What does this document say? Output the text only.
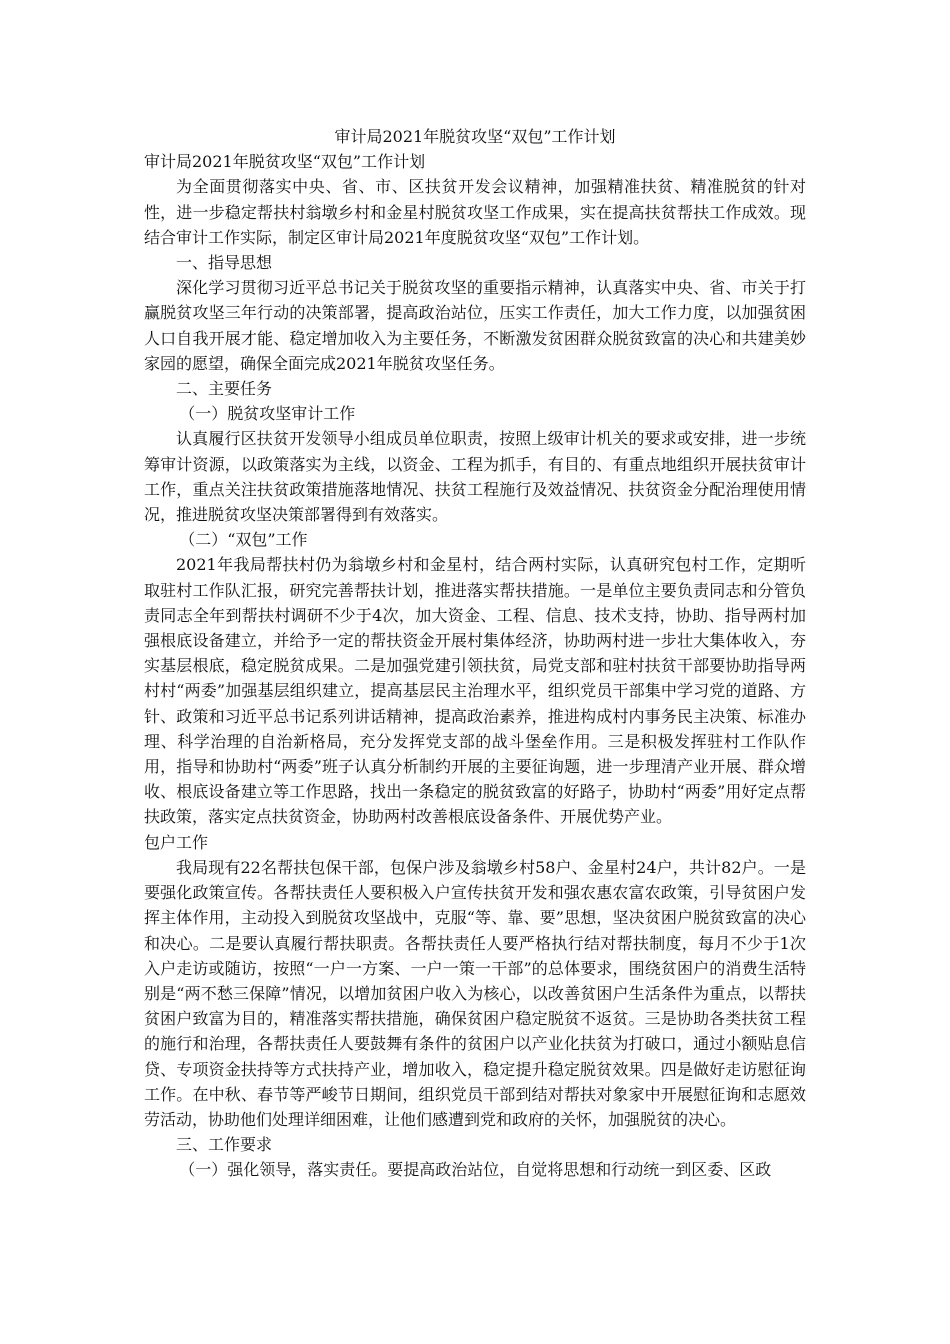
审计局2021年脱贫攻坚“双包”工作计划

审计局2021年脱贫攻坚“双包”工作计划

为全面贯彻落实中央、省、市、区扶贫开发会议精神，加强精准扶贫、精准脱贫的针对性，进一步稳定帮扶村翁墩乡村和金星村脱贫攻坚工作成果，实在提高扶贫帮扶工作成效。现结合审计工作实际，制定区审计局2021年度脱贫攻坚“双包”工作计划。

一、指导思想

深化学习贯彻习近平总书记关于脱贫攻坚的重要指示精神，认真落实中央、省、市关于打赢脱贫攻坚三年行动的决策部署，提高政治站位，压实工作责任，加大工作力度，以加强贫困人口自我开展才能、稳定增加收入为主要任务，不断激发贫困群众脱贫致富的决心和共建美妙家园的愿望，确保全面完成2021年脱贫攻坚任务。

二、主要任务

（一）脱贫攻坚审计工作

认真履行区扶贫开发领导小组成员单位职责，按照上级审计机关的要求或安排，进一步统筹审计资源，以政策落实为主线，以资金、工程为抓手，有目的、有重点地组织开展扶贫审计工作，重点关注扶贫政策措施落地情况、扶贫工程施行及效益情况、扶贫资金分配治理使用情况，推进脱贫攻坚决策部署得到有效落实。

（二）“双包”工作

2021年我局帮扶村仍为翁墩乡村和金星村，结合两村实际，认真研究包村工作，定期听取驻村工作队汇报，研究完善帮扶计划，推进落实帮扶措施。一是单位主要负责同志和分管负责同志全年到帮扶村调研不少于4次，加大资金、工程、信息、技术支持，协助、指导两村加强根底设备建立，并给予一定的帮扶资金开展村集体经济，协助两村进一步壮大集体收入，夯实基层根底，稳定脱贫成果。二是加强党建引领扶贫，局党支部和驻村扶贫干部要协助指导两村村“两委”加强基层组织建立，提高基层民主治理水平，组织党员干部集中学习党的道路、方针、政策和习近平总书记系列讲话精神，提高政治素养，推进构成村内事务民主决策、标准办理、科学治理的自治新格局，充分发挥党支部的战斗堡垒作用。三是积极发挥驻村工作队作用，指导和协助村“两委”班子认真分析制约开展的主要征询题，进一步理清产业开展、群众增收、根底设备建立等工作思路，找出一条稳定的脱贫致富的好路子，协助村“两委”用好定点帮扶政策，落实定点扶贫资金，协助两村改善根底设备条件、开展优势产业。

包户工作

我局现有22名帮扶包保干部，包保户涉及翁墩乡村58户、金星村24户，共计82户。一是要强化政策宣传。各帮扶责任人要积极入户宣传扶贫开发和强农惠农富农政策，引导贫困户发挥主体作用，主动投入到脱贫攻坚战中，克服“等、靠、要”思想，坚决贫困户脱贫致富的决心和决心。二是要认真履行帮扶职责。各帮扶责任人要严格执行结对帮扶制度，每月不少于1次入户走访或随访，按照“一户一方案、一户一策一干部”的总体要求，围绕贫困户的消费生活特别是“两不愁三保障”情况，以增加贫困户收入为核心，以改善贫困户生活条件为重点，以帮扶贫困户致富为目的，精准落实帮扶措施，确保贫困户稳定脱贫不返贫。三是协助各类扶贫工程的施行和治理，各帮扶责任人要鼓舞有条件的贫困户以产业化扶贫为打破口，通过小额贴息信贷、专项资金扶持等方式扶持产业，增加收入，稳定提升稳定脱贫效果。四是做好走访慰征询工作。在中秋、春节等严峻节日期间，组织党员干部到结对帮扶对象家中开展慰征询和志愿效劳活动，协助他们处理详细困难，让他们感遭到党和政府的关怀，加强脱贫的决心。

三、工作要求

（一）强化领导，落实责任。要提高政治站位，自觉将思想和行动统一到区委、区政
